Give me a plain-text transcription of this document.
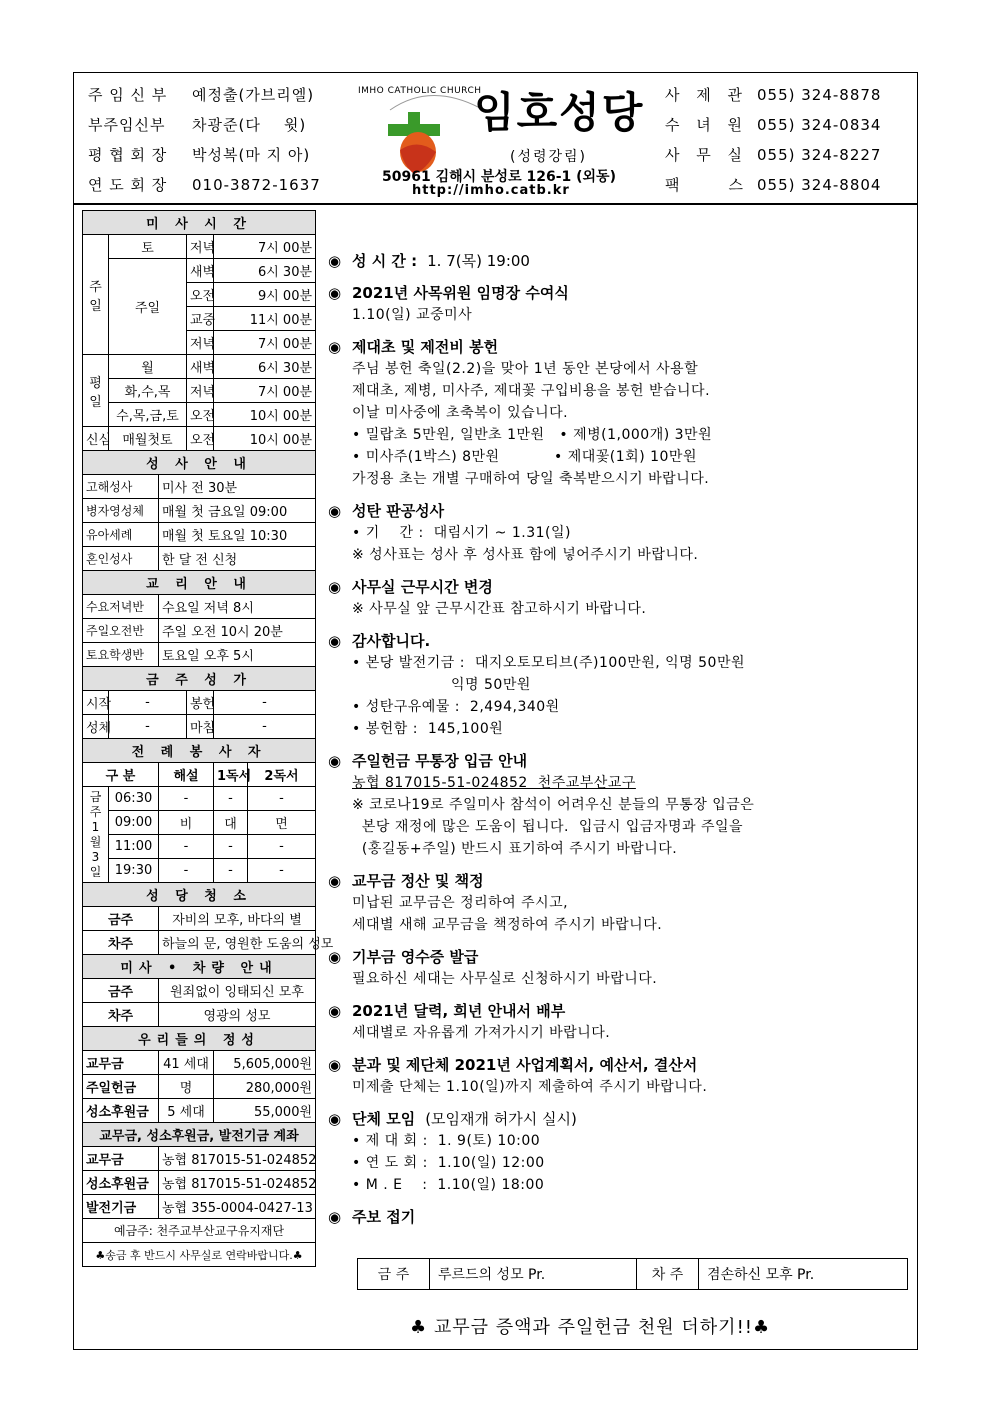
주 임 신 부 예정출(가브리엘)
부주임신부 차광준(다    윗)
평 협 회 장 박성복(마 지 아)
연 도 회 장 010-3872-1637
IMHO CATHOLIC CHURCH
임호성당
(성령강림)
50961 김해시 분성로 126-1 (외동)
http://imho.catb.kr
사 제 관 055) 324-8878
수 녀 원 055) 324-0834
사 무 실 055) 324-8227
팩    스 055) 324-8804
미 사 시 간					
주일	토		저녁	7시 00분	
	주일		새벽	6시 30분	
			오전	9시 00분	
			교중	11시 00분	
			저녁	7시 00분	
평일	월		새벽	6시 30분	
	화,수,목		저녁	7시 00분	
	수,목,금,토		오전	10시 00분	
신심	매월첫토		오전	10시 00분	
성 사 안 내					
고해성사		미사 전 30분			
병자영성체		매월 첫 금요일 09:00			
유아세례		매월 첫 토요일 10:30			
혼인성사		한 달 전 신청			
교 리 안 내					
수요저녁반		수요일 저녁 8시			
주일오전반		주일 오전 10시 20분			
토요학생반		토요일 오후 5시			
금 주 성 가					
시작	-		봉헌	-	
성체	-		마침	-	
전 례 봉 사 자					
구 분		해설		1독서	2독서
금주 1월 3일	06:30	-		-	-
	09:00	비		대	면
	11:00	-		-	-
	19:30	-		-	-
성 당 청 소					
금주		자비의 모후, 바다의 별			
차주		하늘의 문, 영원한 도움의 성모			
미사 • 차량 안내					
금주		원죄없이 잉태되신 모후			
차주		영광의 성모			
우리들의 정성					
교무금		41 세대		5,605,000원	
주일헌금		명		280,000원	
성소후원금		5 세대		55,000원	
교무금, 성소후원금, 발전기금 계좌					
교무금		농협 817015-51-024852			
성소후원금		농협 817015-51-024852			
발전기금		농협 355-0004-0427-13			
예금주: 천주교부산교구유지재단					
♣송금 후 반드시 사무실로 연락바랍니다.♣					
◉ 성 시 간 : 1. 7(목) 19:00
◉ 2021년 사목위원 임명장 수여식
1.10(일) 교중미사
◉ 제대초 및 제전비 봉헌
주님 봉헌 축일(2.2)을 맞아 1년 동안 본당에서 사용할
제대초, 제병, 미사주, 제대꽃 구입비용을 봉헌 받습니다.
이날 미사중에 초축복이 있습니다.
• 밀랍초 5만원, 일반초 1만원   • 제병(1,000개) 3만원
• 미사주(1박스) 8만원           • 제대꽃(1회) 10만원
가정용 초는 개별 구매하여 당일 축복받으시기 바랍니다.
◉ 성탄 판공성사
• 기    간 :  대림시기 ~ 1.31(일)
※ 성사표는 성사 후 성사표 함에 넣어주시기 바랍니다.
◉ 사무실 근무시간 변경
※ 사무실 앞 근무시간표 참고하시기 바랍니다.
◉ 감사합니다.
• 본당 발전기금 :  대지오토모티브(주)100만원, 익명 50만원
익명 50만원
• 성탄구유예물 :  2,494,340원
• 봉헌함 :  145,100원
◉ 주일헌금 무통장 입금 안내
농협 817015-51-024852  천주교부산교구
※ 코로나19로 주일미사 참석이 어려우신 분들의 무통장 입금은
본당 재정에 많은 도움이 됩니다.  입금시 입금자명과 주일을
(홍길동+주일) 반드시 표기하여 주시기 바랍니다.
◉ 교무금 정산 및 책정
미납된 교무금은 정리하여 주시고,
세대별 새해 교무금을 책정하여 주시기 바랍니다.
◉ 기부금 영수증 발급
필요하신 세대는 사무실로 신청하시기 바랍니다.
◉ 2021년 달력, 희년 안내서 배부
세대별로 자유롭게 가져가시기 바랍니다.
◉ 분과 및 제단체 2021년 사업계획서, 예산서, 결산서
미제출 단체는 1.10(일)까지 제출하여 주시기 바랍니다.
◉ 단체 모임 (모임재개 허가시 실시)
• 제 대 회 :  1. 9(토) 10:00
• 연 도 회 :  1.10(일) 12:00
• M . E    :  1.10(일) 18:00
◉ 주보 접기
금 주	루르드의 성모 Pr.	차 주	겸손하신 모후 Pr.
♣ 교무금 증액과 주일헌금 천원 더하기!!♣
